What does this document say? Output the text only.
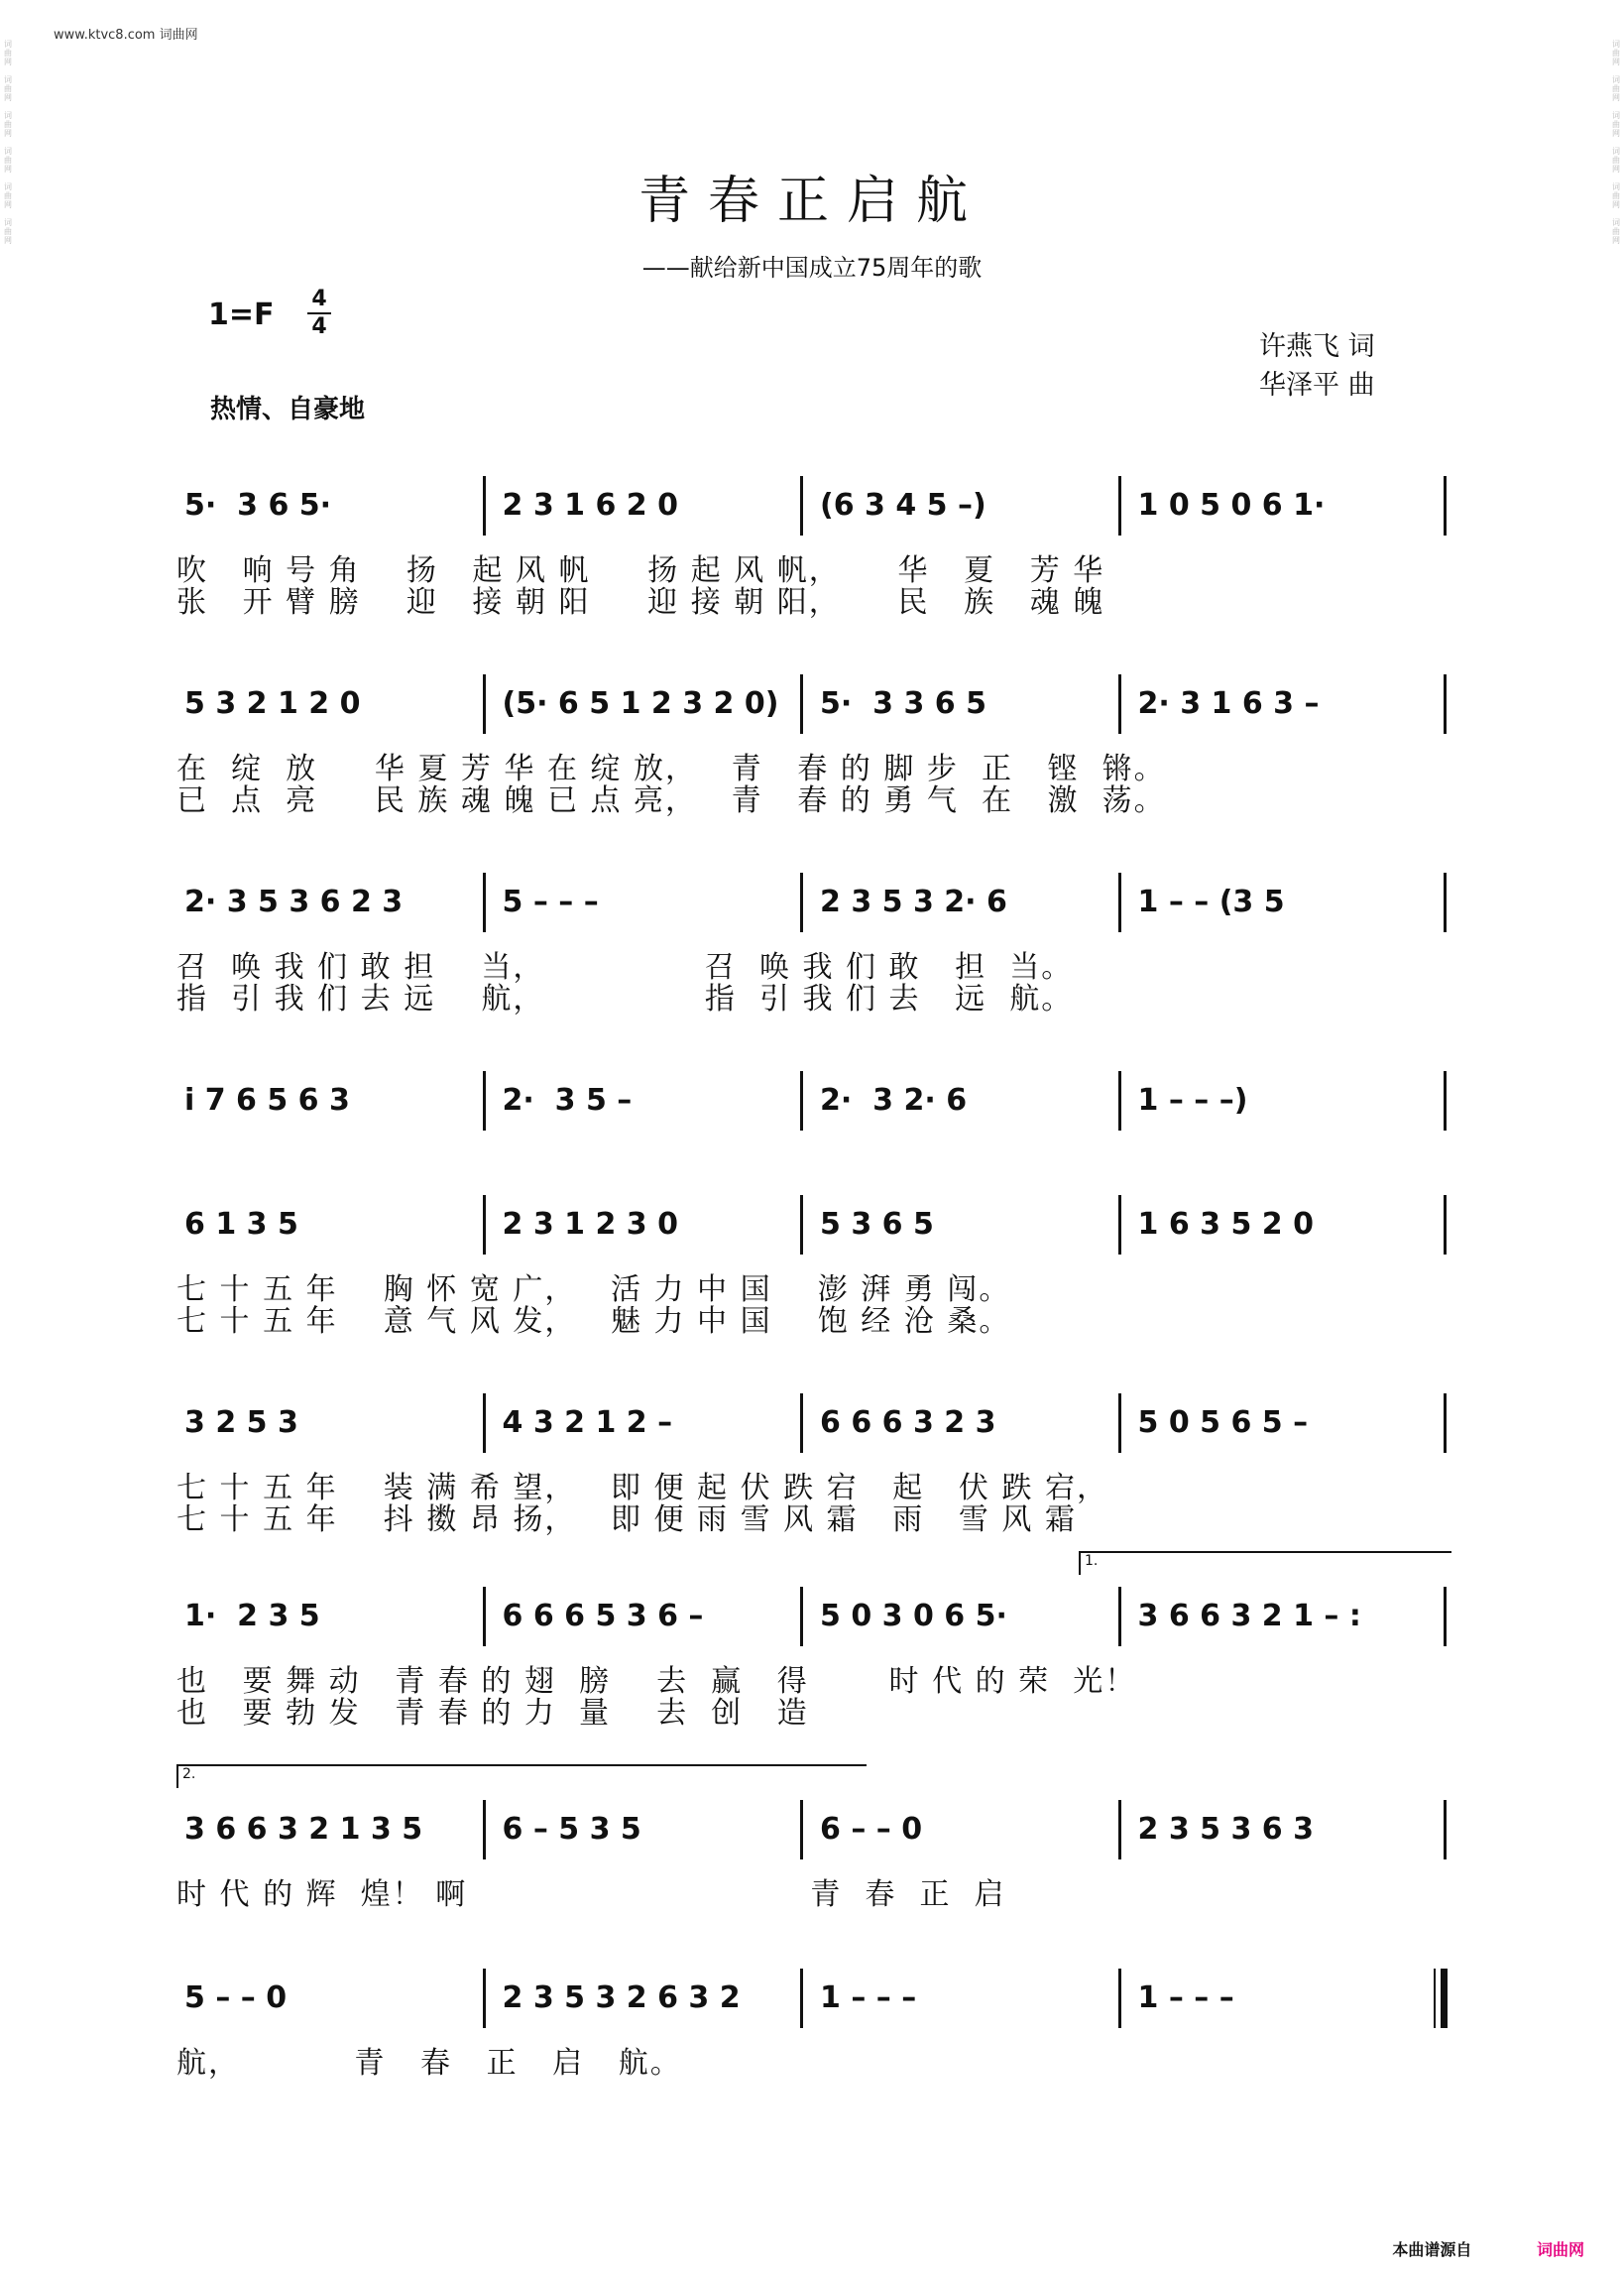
www.ktvc8.com 词曲网
词曲网

词曲网

词曲网

词曲网

词曲网

词曲网
词曲网

词曲网

词曲网

词曲网

词曲网

词曲网
青春正启航
——献给新中国成立75周年的歌
1=F 4
4
许燕飞 词
华泽平 曲
热情、自豪地
5·  3 6 5·	2 3 1 6 2 0	(6 3 4 5 –)	1 0 5 0 6 1·
吹   响 号 角    扬   起 风 帆     扬 起 风 帆，     华   夏   芳 华
张   开 臂 膀    迎   接 朝 阳     迎 接 朝 阳，     民   族   魂 魄
5 3 2 1 2 0	(5· 6 5 1 2 3 2 0) 5·  3 3 6 5	2· 3 1 6 3 –
在  绽  放     华 夏 芳 华 在 绽 放，   青   春 的 脚 步  正   铿  锵。
已  点  亮     民 族 魂 魄 已 点 亮，   青   春 的 勇 气  在   激  荡。
2· 3 5 3 6 2 3	5 – – –	2 3 5 3 2· 6	1 – – (3 5
召  唤 我 们 敢 担    当，              召  唤 我 们 敢   担  当。
指  引 我 们 去 远    航，              指  引 我 们 去   远  航。
i 7 6 5 6 3	2·  3 5 –	2·  3 2· 6	1 – – –)
6 1 3 5	2 3 1 2 3 0	5 3 6 5	1 6 3 5 2 0
七 十 五 年    胸 怀 宽 广，   活 力 中 国    澎 湃 勇 闯。
七 十 五 年    意 气 风 发，   魅 力 中 国    饱 经 沧 桑。
3 2 5 3	4 3 2 1 2 –	6 6 6 3 2 3	5 0 5 6 5 –
七 十 五 年    装 满 希 望，   即 便 起 伏 跌 宕   起   伏 跌 宕，
七 十 五 年    抖 擞 昂 扬，   即 便 雨 雪 风 霜   雨   雪 风 霜
1.
1·  2 3 5	6 6 6 5 3 6 –	5 0 3 0 6 5·	3 6 6 3 2 1 – :
也   要 舞 动   青 春 的 翅  膀    去  赢   得       时 代 的 荣  光！
也   要 勃 发   青 春 的 力  量    去  创   造
2.
3 6 6 3 2 1 3 5	6 – 5 3 5	6 – – 0	2 3 5 3 6 3
时 代 的 辉  煌！ 啊                              青  春  正  启
5 – – 0	2 3 5 3 2 6 3 2	1 – – –	1 – – –
航，          青   春   正   启   航。
本曲谱源自	词曲网
